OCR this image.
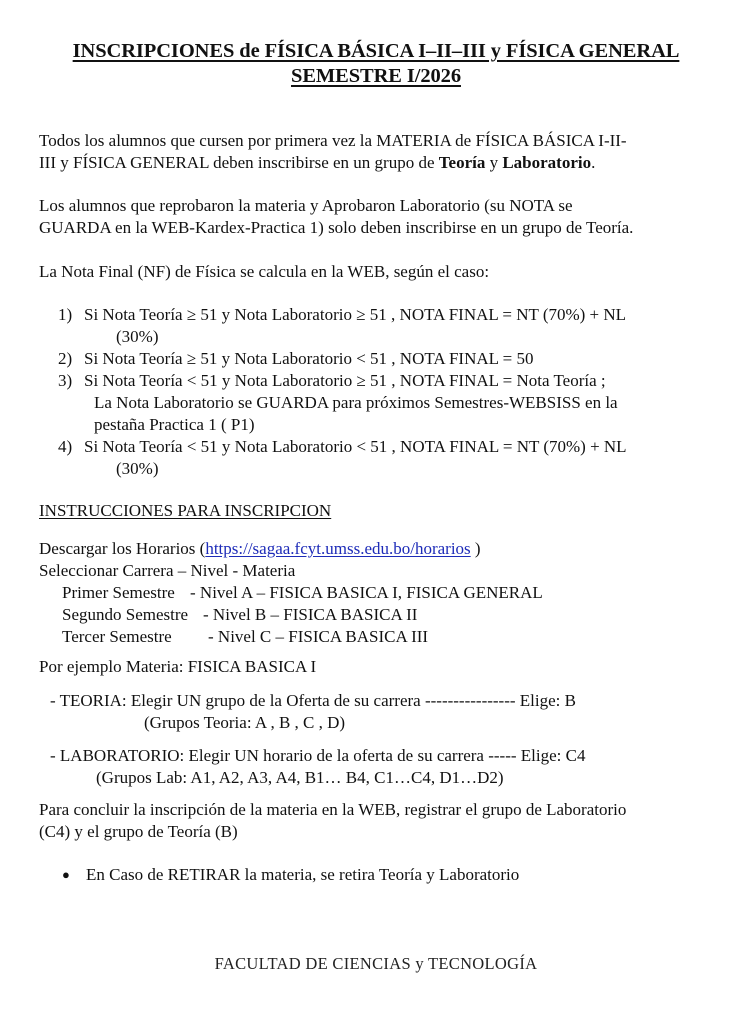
INSCRIPCIONES de FÍSICA BÁSICA I–II–III y FÍSICA GENERAL
SEMESTRE I/2026
Todos los alumnos que cursen por primera vez la MATERIA de FÍSICA BÁSICA I-II-
III y FÍSICA GENERAL deben inscribirse en un grupo de Teoría y Laboratorio.
Los alumnos que reprobaron la materia y Aprobaron Laboratorio (su NOTA se
GUARDA en la WEB-Kardex-Practica 1) solo deben inscribirse en un grupo de Teoría.
La Nota Final (NF) de Física se calcula en la WEB, según el caso:
1) Si Nota Teoría ≥ 51 y Nota Laboratorio ≥ 51 , NOTA FINAL = NT (70%) + NL
(30%)
2) Si Nota Teoría ≥ 51 y Nota Laboratorio < 51 , NOTA FINAL = 50
3) Si Nota Teoría < 51 y Nota Laboratorio ≥ 51 , NOTA FINAL = Nota Teoría ;
La Nota Laboratorio se GUARDA para próximos Semestres-WEBSISS en la
pestaña Practica 1 ( P1)
4) Si Nota Teoría < 51 y Nota Laboratorio < 51 , NOTA FINAL = NT (70%) + NL
(30%)
INSTRUCCIONES PARA INSCRIPCION
Descargar los Horarios (https://sagaa.fcyt.umss.edu.bo/horarios )
Seleccionar Carrera – Nivel - Materia
Primer Semestre - Nivel A – FISICA BASICA I, FISICA GENERAL
Segundo Semestre - Nivel B – FISICA BASICA II
Tercer Semestre - Nivel C – FISICA BASICA III
Por ejemplo Materia: FISICA BASICA I
- TEORIA: Elegir UN grupo de la Oferta de su carrera ---------------- Elige: B
(Grupos Teoria: A , B , C , D)
- LABORATORIO: Elegir UN horario de la oferta de su carrera ----- Elige: C4
(Grupos Lab: A1, A2, A3, A4, B1… B4, C1…C4, D1…D2)
Para concluir la inscripción de la materia en la WEB, registrar el grupo de Laboratorio
(C4) y el grupo de Teoría (B)
● En Caso de RETIRAR la materia, se retira Teoría y Laboratorio
FACULTAD DE CIENCIAS y TECNOLOGÍA
